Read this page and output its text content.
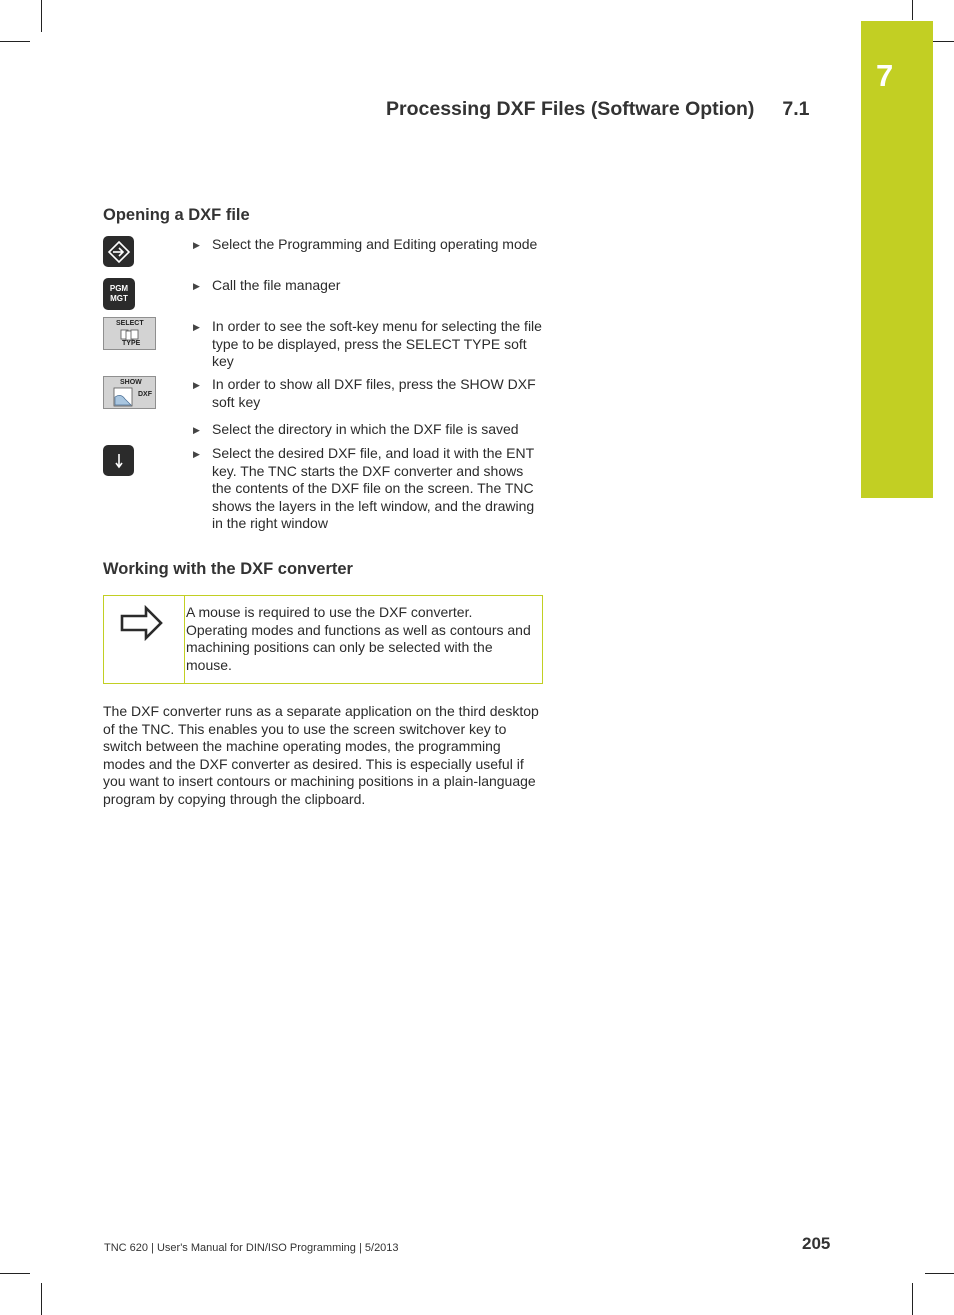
7
Processing DXF Files (Software Option) 7.1
Opening a DXF file
▶ Select the Programming and Editing operating mode

PGM
MGT
▶ Call the file manager

SELECT
TYPE
▶ In order to see the soft-key menu for selecting the file type to be displayed, press the SELECT TYPE soft key

SHOW
DXF
▶ In order to show all DXF files, press the SHOW DXF soft key

▶ Select the directory in which the DXF file is saved

▶ Select the desired DXF file, and load it with the ENT key. The TNC starts the DXF converter and shows the contents of the DXF file on the screen. The TNC shows the layers in the left window, and the drawing in the right window

Working with the DXF converter

A mouse is required to use the DXF converter. Operating modes and functions as well as contours and machining positions can only be selected with the mouse.

The DXF converter runs as a separate application on the third desktop of the TNC. This enables you to use the screen switchover key to switch between the machine operating modes, the programming modes and the DXF converter as desired. This is especially useful if you want to insert contours or machining positions in a plain-language program by copying through the clipboard.

TNC 620 | User's Manual for DIN/ISO Programming | 5/2013	205
